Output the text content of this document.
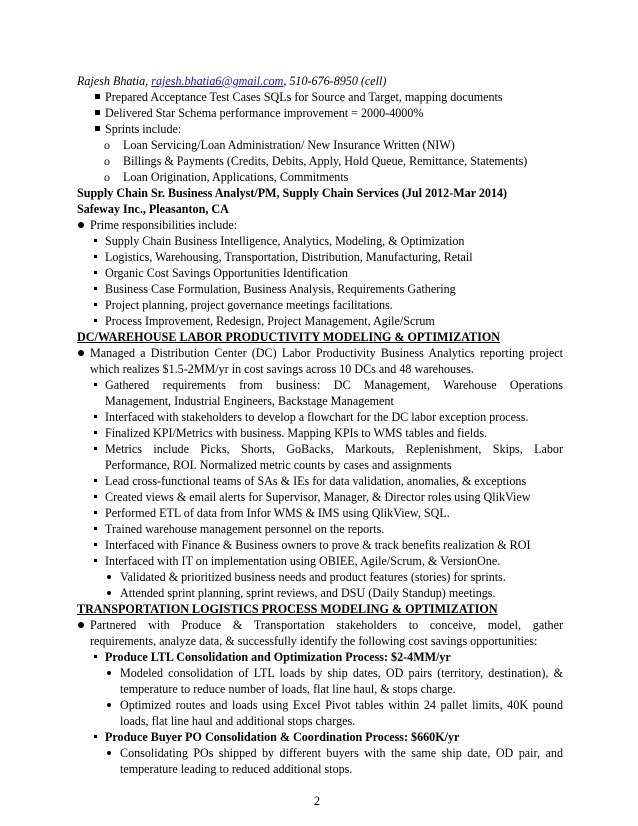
Rajesh Bhatia, rajesh.bhatia6@gmail.com, 510-676-8950 (cell)
Prepared Acceptance Test Cases SQLs for Source and Target, mapping documents
Delivered Star Schema performance improvement = 2000-4000%
Sprints include:
o Loan Servicing/Loan Administration/ New Insurance Written (NIW)
o Billings & Payments (Credits, Debits, Apply, Hold Queue, Remittance, Statements)
o Loan Origination, Applications, Commitments
Supply Chain Sr. Business Analyst/PM, Supply Chain Services (Jul 2012-Mar 2014)
Safeway Inc., Pleasanton, CA
Prime responsibilities include:
Supply Chain Business Intelligence, Analytics, Modeling, & Optimization
Logistics, Warehousing, Transportation, Distribution, Manufacturing, Retail
Organic Cost Savings Opportunities Identification
Business Case Formulation, Business Analysis, Requirements Gathering
Project planning, project governance meetings facilitations.
Process Improvement, Redesign, Project Management, Agile/Scrum
DC/WAREHOUSE LABOR PRODUCTIVITY MODELING & OPTIMIZATION
Managed a Distribution Center (DC) Labor Productivity Business Analytics reporting project
which realizes $1.5-2MM/yr in cost savings across 10 DCs and 48 warehouses.
Gathered requirements from business: DC Management, Warehouse Operations
Management, Industrial Engineers, Backstage Management
Interfaced with stakeholders to develop a flowchart for the DC labor exception process.
Finalized KPI/Metrics with business. Mapping KPIs to WMS tables and fields.
Metrics include Picks, Shorts, GoBacks, Markouts, Replenishment, Skips, Labor
Performance, ROI. Normalized metric counts by cases and assignments
Lead cross-functional teams of SAs & IEs for data validation, anomalies, & exceptions
Created views & email alerts for Supervisor, Manager, & Director roles using QlikView
Performed ETL of data from Infor WMS & IMS using QlikView, SQL.
Trained warehouse management personnel on the reports.
Interfaced with Finance & Business owners to prove & track benefits realization & ROI
Interfaced with IT on implementation using OBIEE, Agile/Scrum, & VersionOne.
Validated & prioritized business needs and product features (stories) for sprints.
Attended sprint planning, sprint reviews, and DSU (Daily Standup) meetings.
TRANSPORTATION LOGISTICS PROCESS MODELING & OPTIMIZATION
Partnered with Produce & Transportation stakeholders to conceive, model, gather
requirements, analyze data, & successfully identify the following cost savings opportunities:
Produce LTL Consolidation and Optimization Process: $2-4MM/yr
Modeled consolidation of LTL loads by ship dates, OD pairs (territory, destination), &
temperature to reduce number of loads, flat line haul, & stops charge.
Optimized routes and loads using Excel Pivot tables within 24 pallet limits, 40K pound
loads, flat line haul and additional stops charges.
Produce Buyer PO Consolidation & Coordination Process: $660K/yr
Consolidating POs shipped by different buyers with the same ship date, OD pair, and
temperature leading to reduced additional stops.
2
